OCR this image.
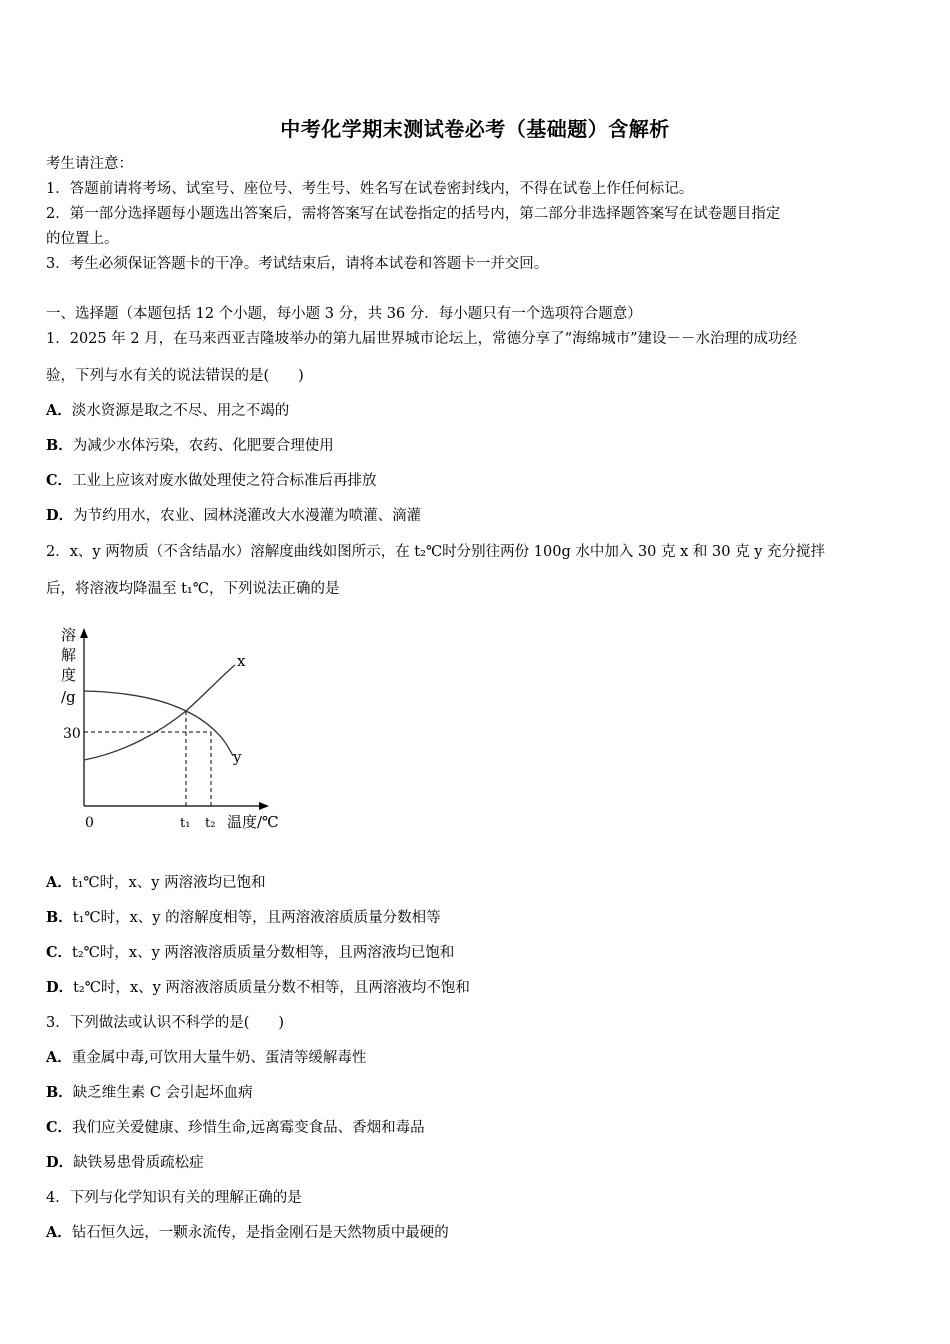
中考化学期末测试卷必考（基础题）含解析
考生请注意：
1．答题前请将考场、试室号、座位号、考生号、姓名写在试卷密封线内，不得在试卷上作任何标记。
2．第一部分选择题每小题选出答案后，需将答案写在试卷指定的括号内，第二部分非选择题答案写在试卷题目指定
的位置上。
3．考生必须保证答题卡的干净。考试结束后，请将本试卷和答题卡一并交回。
一、选择题（本题包括 12 个小题，每小题 3 分，共 36 分．每小题只有一个选项符合题意）
1．2025 年 2 月，在马来西亚吉隆坡举办的第九届世界城市论坛上，常德分享了“海绵城市”建设－－水治理的成功经
验，下列与水有关的说法错误的是(　　)
A．淡水资源是取之不尽、用之不竭的
B．为减少水体污染，农药、化肥要合理使用
C．工业上应该对废水做处理使之符合标准后再排放
D．为节约用水，农业、园林浇灌改大水漫灌为喷灌、滴灌
2．x、y 两物质（不含结晶水）溶解度曲线如图所示，在 t₂℃时分别往两份 100g 水中加入 30 克 x 和 30 克 y 充分搅拌
后，将溶液均降温至 t₁℃，下列说法正确的是
溶
解
度
/g
30
x
y
0	t₁ t₂ 温度/℃
A．t₁℃时，x、y 两溶液均已饱和
B．t₁℃时，x、y 的溶解度相等，且两溶液溶质质量分数相等
C．t₂℃时，x、y 两溶液溶质质量分数相等，且两溶液均已饱和
D．t₂℃时，x、y 两溶液溶质质量分数不相等，且两溶液均不饱和
3．下列做法或认识不科学的是(　　)
A．重金属中毒,可饮用大量牛奶、蛋清等缓解毒性
B．缺乏维生素 C 会引起坏血病
C．我们应关爱健康、珍惜生命,远离霉变食品、香烟和毒品
D．缺铁易患骨质疏松症
4．下列与化学知识有关的理解正确的是
A．钻石恒久远，一颗永流传，是指金刚石是天然物质中最硬的
